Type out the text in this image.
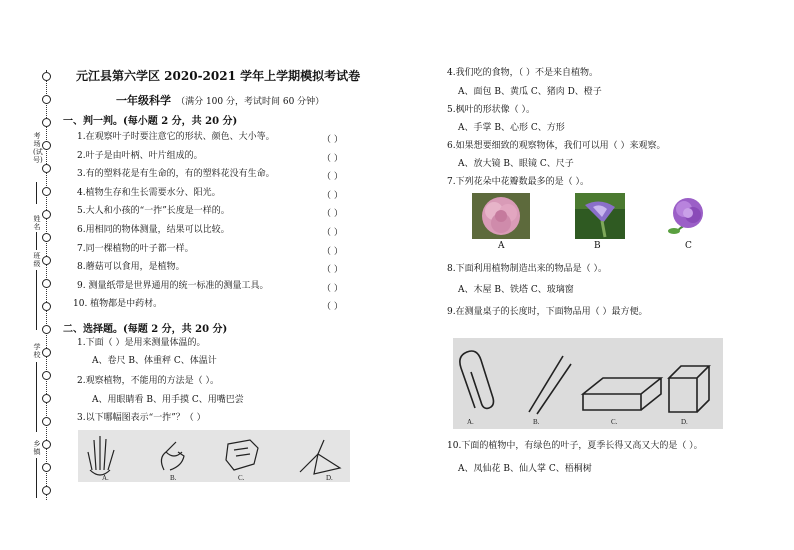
考场(试号)
姓名
班级
学校
乡镇
元江县第六学区 2020-2021 学年上学期模拟考试卷
一年级科学 （满分 100 分，考试时间 60 分钟）
一、判一判。(每小题 2 分，共 20 分)
1.在观察叶子时要注意它的形状、颜色、大小等。	（ ）
2.叶子是由叶柄、叶片组成的。	（ ）
3.有的塑料花是有生命的，有的塑料花没有生命。	（ ）
4.植物生存和生长需要水分、阳光。	（ ）
5.大人和小孩的“一拃”长度是一样的。	（ ）
6.用相同的物体测量，结果可以比较。	（ ）
7.同一棵植物的叶子都一样。	（ ）
8.蘑菇可以食用，是植物。	（ ）
9. 测量纸带是世界通用的统一标准的测量工具。	（ ）
10. 植物都是中药材。	（ ）
二、选择题。(每题 2 分，共 20 分)
1.下面（ ）是用来测量体温的。
A、卷尺 B、体重秤 C、体温计
2.观察植物，不能用的方法是（ ）。
A、用眼睛看 B、用手摸 C、用嘴巴尝
3.以下哪幅图表示“一拃”？（ ）
A.	B.	C.	D.
4.我们吃的食物，（ ）不是来自植物。
A、面包 B、黄瓜 C、猪肉 D、橙子
5.枫叶的形状像（ ）。
A、手掌 B、心形 C、方形
6.如果想要细致的观察物体，我们可以用（ ）来观察。
A、放大镜 B、眼镜 C、尺子
7.下列花朵中花瓣数最多的是（ ）。
A	B	C
8.下面利用植物制造出来的物品是（ ）。
A、木屋 B、铁塔 C、玻璃窗
9.在测量桌子的长度时，下面物品用（ ）最方便。
A.	B.	C.	D.
10.下面的植物中，有绿色的叶子，夏季长得又高又大的是（ ）。
A、凤仙花 B、仙人掌 C、梧桐树
